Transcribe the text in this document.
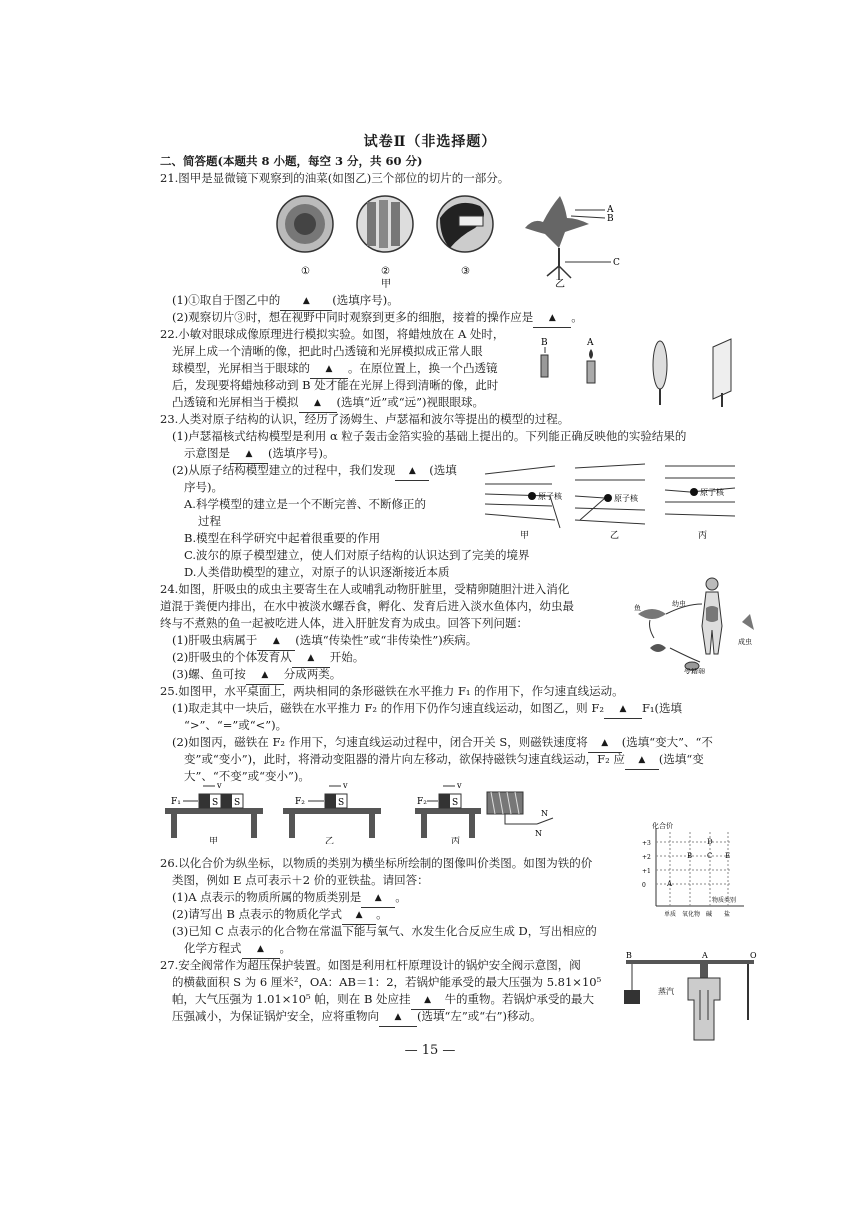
试卷Ⅱ（非选择题）
二、简答题(本题共 8 小题，每空 3 分，共 60 分)
21.图甲是显微镜下观察到的油菜(如图乙)三个部位的切片的一部分。
①	②	③
甲	乙
A
B
C
(1)①取自于图乙中的	▲ (选填序号)。
(2)观察切片③时，想在视野中同时观察到更多的细胞，接着的操作应是 ▲ 。
22.小敏对眼球成像原理进行模拟实验。如图，将蜡烛放在 A 处时，
光屏上成一个清晰的像，把此时凸透镜和光屏模拟成正常人眼
球模型，光屏相当于眼球的 ▲ 。在原位置上，换一个凸透镜
后，发现要将蜡烛移动到 B 处才能在光屏上得到清晰的像，此时
凸透镜和光屏相当于模拟 ▲ (选填“近”或“远”)视眼眼球。
B	A
23.人类对原子结构的认识，经历了汤姆生、卢瑟福和波尔等提出的模型的过程。
(1)卢瑟福核式结构模型是利用 α 粒子轰击金箔实验的基础上提出的。下列能正确反映他的实验结果的
示意图是 ▲ (选填序号)。
(2)从原子结构模型建立的过程中，我们发现 ▲ (选填
序号)。
A.科学模型的建立是一个不断完善、不断修正的
过程
B.模型在科学研究中起着很重要的作用
C.波尔的原子模型建立，使人们对原子结构的认识达到了完美的境界
D.人类借助模型的建立，对原子的认识逐渐接近本质
原子核	原子核
原子核
甲	乙	丙
24.如图，肝吸虫的成虫主要寄生在人或哺乳动物肝脏里，受精卵随胆汁进入消化
道混于粪便内排出，在水中被淡水螺吞食，孵化、发育后进入淡水鱼体内，幼虫最
终与不煮熟的鱼一起被吃进人体，进入肝脏发育为成虫。回答下列问题：
(1)肝吸虫病属于 ▲ (选填“传染性”或“非传染性”)疾病。
(2)肝吸虫的个体发育从 ▲ 开始。
(3)螺、鱼可按 ▲ 分成两类。
鱼	幼虫
受精卵
成虫
25.如图甲，水平桌面上，两块相同的条形磁铁在水平推力 F₁ 的作用下，作匀速直线运动。
(1)取走其中一块后，磁铁在水平推力 F₂ 的作用下仍作匀速直线运动，如图乙，则 F₂ ▲ F₁(选填
“>”、“=”或“<”)。
(2)如图丙，磁铁在 F₂ 作用下，匀速直线运动过程中，闭合开关 S，则磁铁速度将 ▲ (选填“变大”、“不
变”或“变小”)，此时，将滑动变阻器的滑片向左移动，欲保持磁铁匀速直线运动，F₂ 应 ▲ (选填“变
大”、“不变”或“变小”)。
S S
F₁
v
甲
S
F₂
v
乙
S
F₂
v
N
N
丙
26.以化合价为纵坐标，以物质的类别为横坐标所绘制的图像叫价类图。如图为铁的价
类图，例如 E 点可表示＋2 价的亚铁盐。请回答：
(1)A 点表示的物质所属的物质类别是 ▲ 。
(2)请写出 B 点表示的物质化学式 ▲ 。
(3)已知 C 点表示的化合物在常温下能与氧气、水发生化合反应生成 D，写出相应的
化学方程式 ▲ 。
化合价
物质类别
+3
+2
+1
0	A
B C
D
E
单质 氧化物 碱 盐
27.安全阀常作为超压保护装置。如图是利用杠杆原理设计的锅炉安全阀示意图，阀
的横截面积 S 为 6 厘米²，OA：AB＝1：2，若锅炉能承受的最大压强为 5.81×10⁵
帕，大气压强为 1.01×10⁵ 帕，则在 B 处应挂 ▲ 牛的重物。若锅炉承受的最大
压强减小，为保证锅炉安全，应将重物向 ▲ (选填“左”或“右”)移动。
B	A	O
蒸汽
— 15 —
